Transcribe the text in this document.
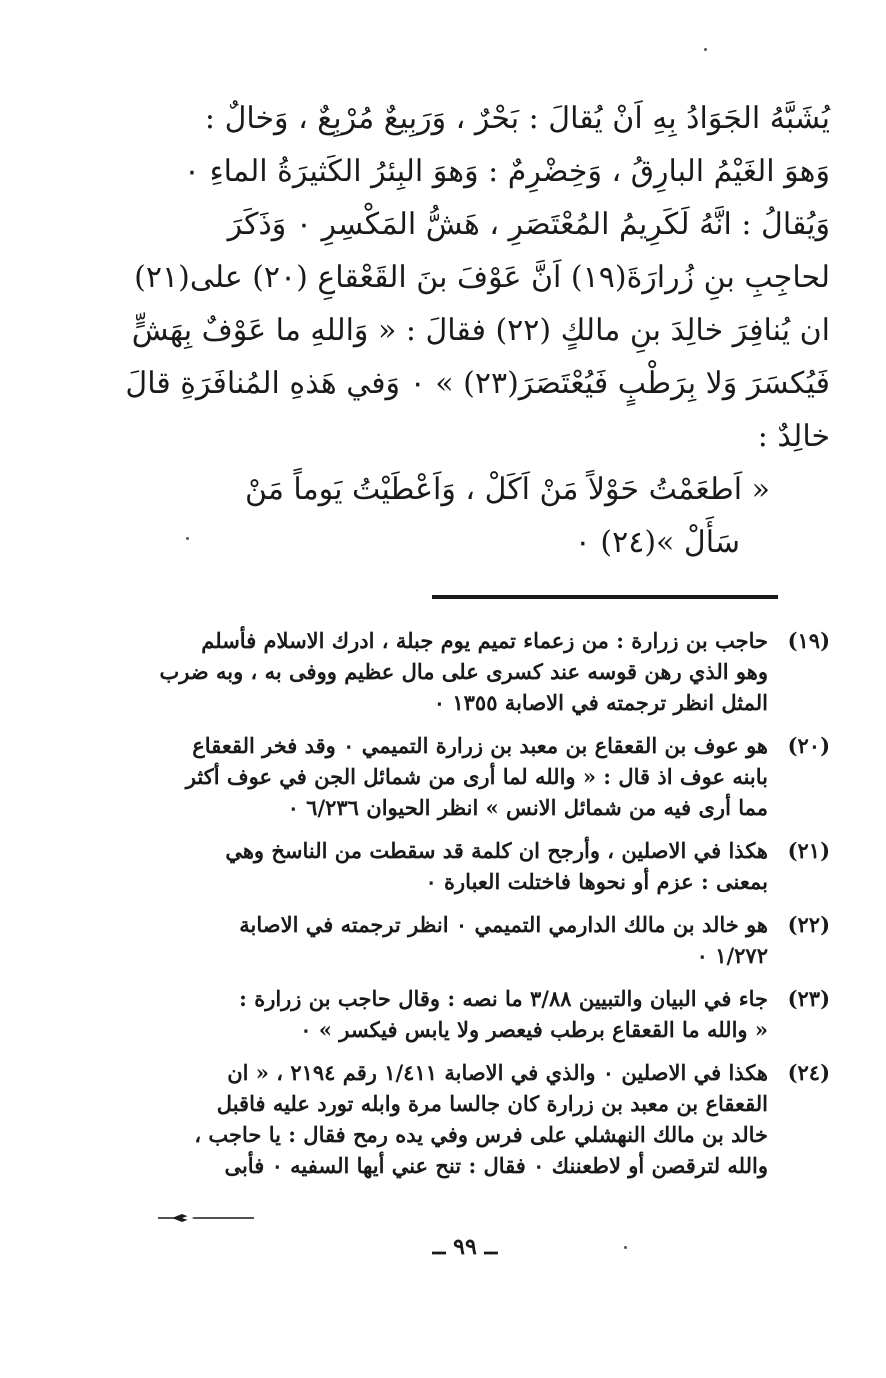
يُشَبَّهُ الجَوَادُ بِهِ اَنْ يُقالَ : بَحْرٌ ، وَرَبِيعٌ مُرْبِعٌ ، وَخالٌ :
وَهوَ الغَيْمُ البارِقُ ، وَخِضْرِمٌ : وَهوَ البِئرُ الكَثيرَةُ الماءِ ٠
وَيُقالُ : انَّهُ لَكَرِيمُ المُعْتَصَرِ ، هَشُّ المَكْسِرِ ٠ وَذَكَرَ
لحاجِبِ بنِ زُرارَةَ(١٩) اَنَّ عَوْفَ بنَ القَعْقاعِ (٢٠) على(٢١)
ان يُنافِرَ خالِدَ بنِ مالكٍ (٢٢) فقالَ : « وَاللهِ ما عَوْفٌ بِهَشٍّ
فَيُكسَرَ وَلا بِرَطْبٍ فَيُعْتَصَرَ(٢٣) » ٠ وَفي هَذهِ المُنافَرَةِ قالَ
خالِدٌ :
« اَطعَمْتُ حَوْلاً مَنْ اَكَلْ ، وَاَعْطَيْتُ يَوماً مَنْ
سَأَلْ »(٢٤) ٠
(١٩)حاجب بن زرارة : من زعماء تميم يوم جبلة ، ادرك الاسلام فأسلم
وهو الذي رهن قوسه عند كسرى على مال عظيم ووفى به ، وبه ضرب
المثل انظر ترجمته في الاصابة ١٣٥٥ ٠
(٢٠)هو عوف بن القعقاع بن معبد بن زرارة التميمي ٠ وقد فخر القعقاع
بابنه عوف اذ قال : « والله لما أرى من شمائل الجن في عوف أكثر
مما أرى فيه من شمائل الانس » انظر الحيوان ٦/٢٣٦ ٠
(٢١)هكذا في الاصلين ، وأرجح ان كلمة قد سقطت من الناسخ وهي
بمعنى : عزم أو نحوها فاختلت العبارة ٠
(٢٢)هو خالد بن مالك الدارمي التميمي ٠ انظر ترجمته في الاصابة
١/٢٧٢ ٠
(٢٣)جاء في البيان والتبيين ٣/٨٨ ما نصه : وقال حاجب بن زرارة :
« والله ما القعقاع برطب فيعصر ولا يابس فيكسر » ٠
(٢٤)هكذا في الاصلين ٠ والذي في الاصابة ١/٤١١ رقم ٢١٩٤ ، « ان
القعقاع بن معبد بن زرارة كان جالسا مرة وابله تورد عليه فاقبل
خالد بن مالك النهشلي على فرس وفي يده رمح فقال : يا حاجب ،
والله لترقصن أو لاطعننك ٠ فقال : تنح عني أيها السفيه ٠ فأبى
ــ ٩٩ ــ
